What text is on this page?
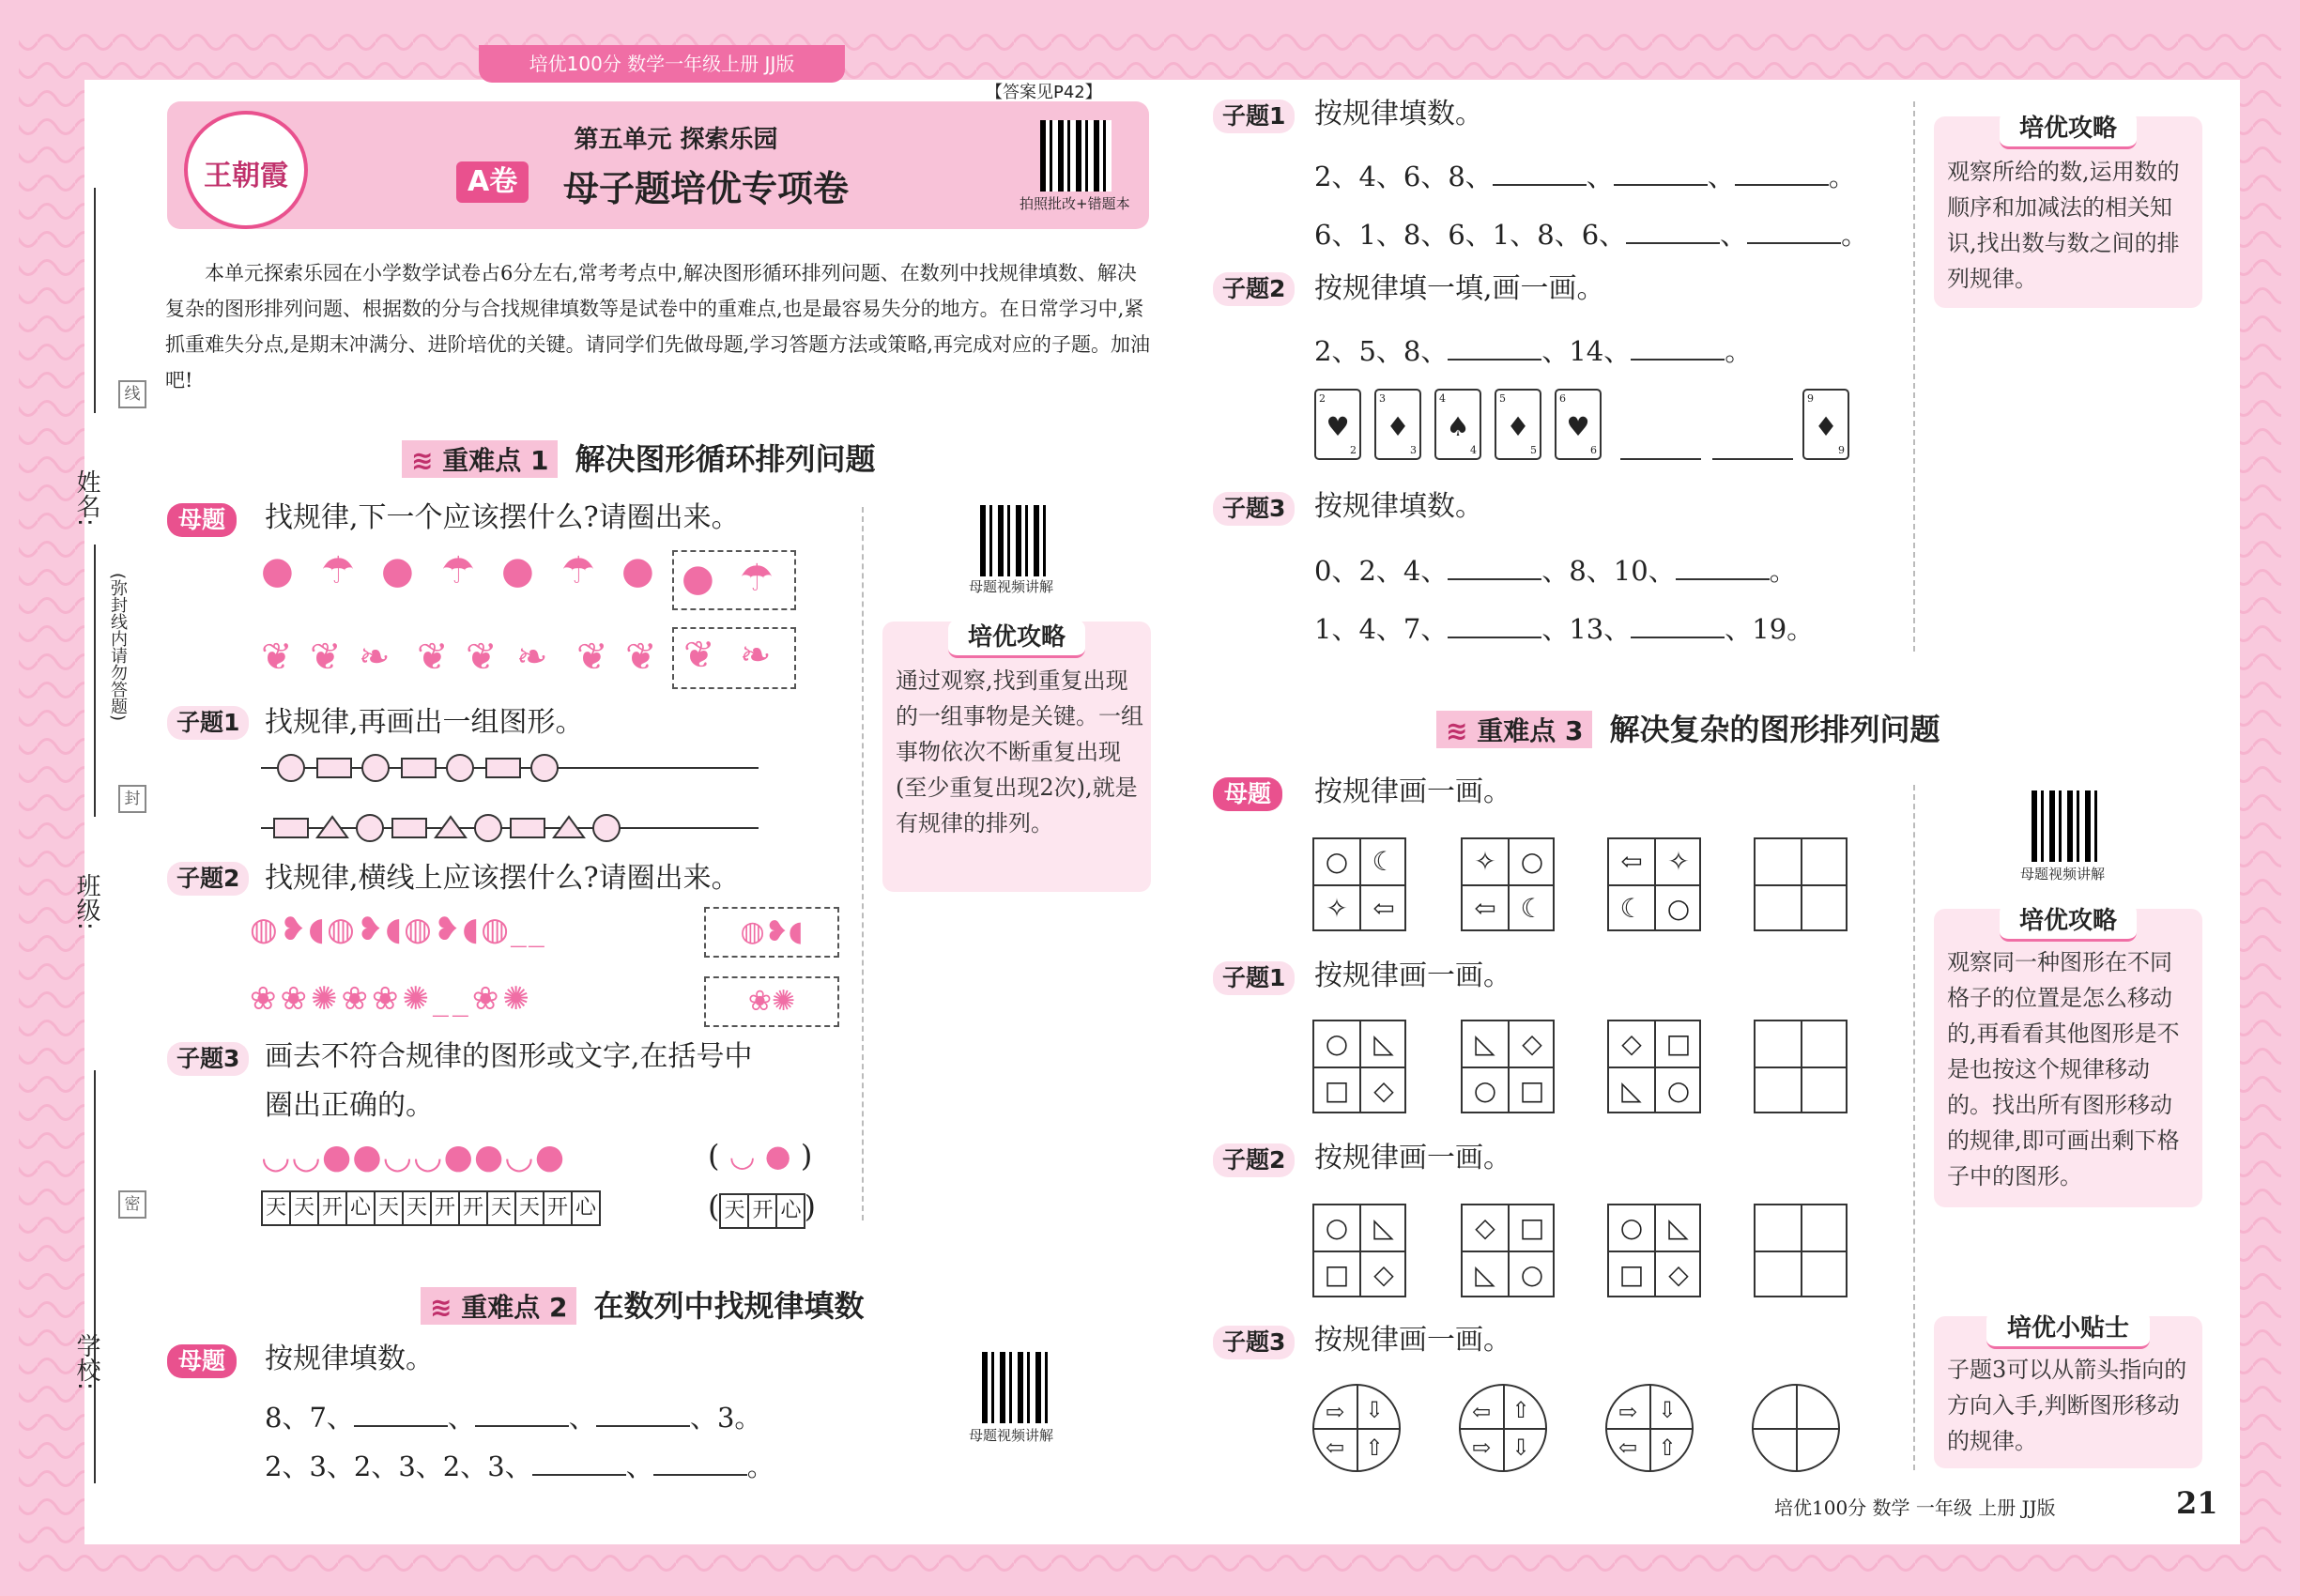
培优100分 数学一年级上册 JJ版
姓名:
班级:
学校:
(弥封线内请勿答题)
线
封
密
王朝霞
【答案见P42】
第五单元 探索乐园
A卷	母子题培优专项卷	拍照批改+错题本
本单元探索乐园在小学数学试卷占6分左右,常考考点中,解决图形循环排列问题、在数列中找规律填数、解决复杂的图形排列问题、根据数的分与合找规律填数等是试卷中的重难点,也是最容易失分的地方。在日常学习中,紧抓重难失分点,是期末冲满分、进阶培优的关键。请同学们先做母题,学习答题方法或策略,再完成对应的子题。加油吧!
≋ 重难点 1 解决图形循环排列问题
母题	找规律,下一个应该摆什么?请圈出来。
● ☂ ● ☂ ● ☂ ● ● ☂
❦ ❦ ❧ ❦ ❦ ❧ ❦ ❦ ❦ ❧
子题1 找规律,再画出一组图形。
子题2 找规律,横线上应该摆什么?请圈出来。
◍❥◖◍❥◖◍❥◖◍__	◍❥◖
❀❀✺❀❀✺__❀✺	❀✺
子题3 画去不符合规律的图形或文字,在括号中
圈出正确的。
◡◡●●◡◡●●◡●	( ◡ ● )
天 天 开 心 天 天 开 开 天 天 开 心	( 天 开 心)
母题视频讲解
培优攻略
通过观察,找到重复出现的一组事物是关键。一组事物依次不断重复出现(至少重复出现2次),就是有规律的排列。
≋ 重难点 2 在数列中找规律填数
母题	按规律填数。
8、7、	、	、	、3。
2、3、2、3、2、3、	、	。
母题视频讲解
子题1	按规律填数。
2、4、6、8、	、	、	。
6、1、8、6、1、8、6、	、	。
子题2	按规律填一填,画一画。
2、5、8、	、14、	。
2
♥
2
3
♦
3
4
♠
4
5
♦
5
6
♥
6
9
♦
9
子题3	按规律填数。
0、2、4、	、8、10、	。
1、4、7、	、13、	、19。
培优攻略
观察所给的数,运用数的顺序和加减法的相关知识,找出数与数之间的排列规律。
≋ 重难点 3 解决复杂的图形排列问题
母题	按规律画一画。
○ ☾
✧ ⇦
✧ ○
⇦ ☾
⇦ ✧
☾ ○
子题1	按规律画一画。
○ ◺
□ ◇
◺	◇
○ □
◇ □
◺ ○
子题2	按规律画一画。
○ ◺
□ ◇
◇ □
◺ ○
○ ◺
□ ◇
子题3	按规律画一画。
⇨ ⇩
⇦ ⇧
⇦ ⇧
⇨ ⇩
⇨ ⇩
⇦ ⇧
母题视频讲解
培优攻略
观察同一种图形在不同格子的位置是怎么移动的,再看看其他图形是不是也按这个规律移动的。找出所有图形移动的规律,即可画出剩下格子中的图形。
培优小贴士
子题3可以从箭头指向的方向入手,判断图形移动的规律。
培优100分 数学 一年级 上册 JJ版	21
